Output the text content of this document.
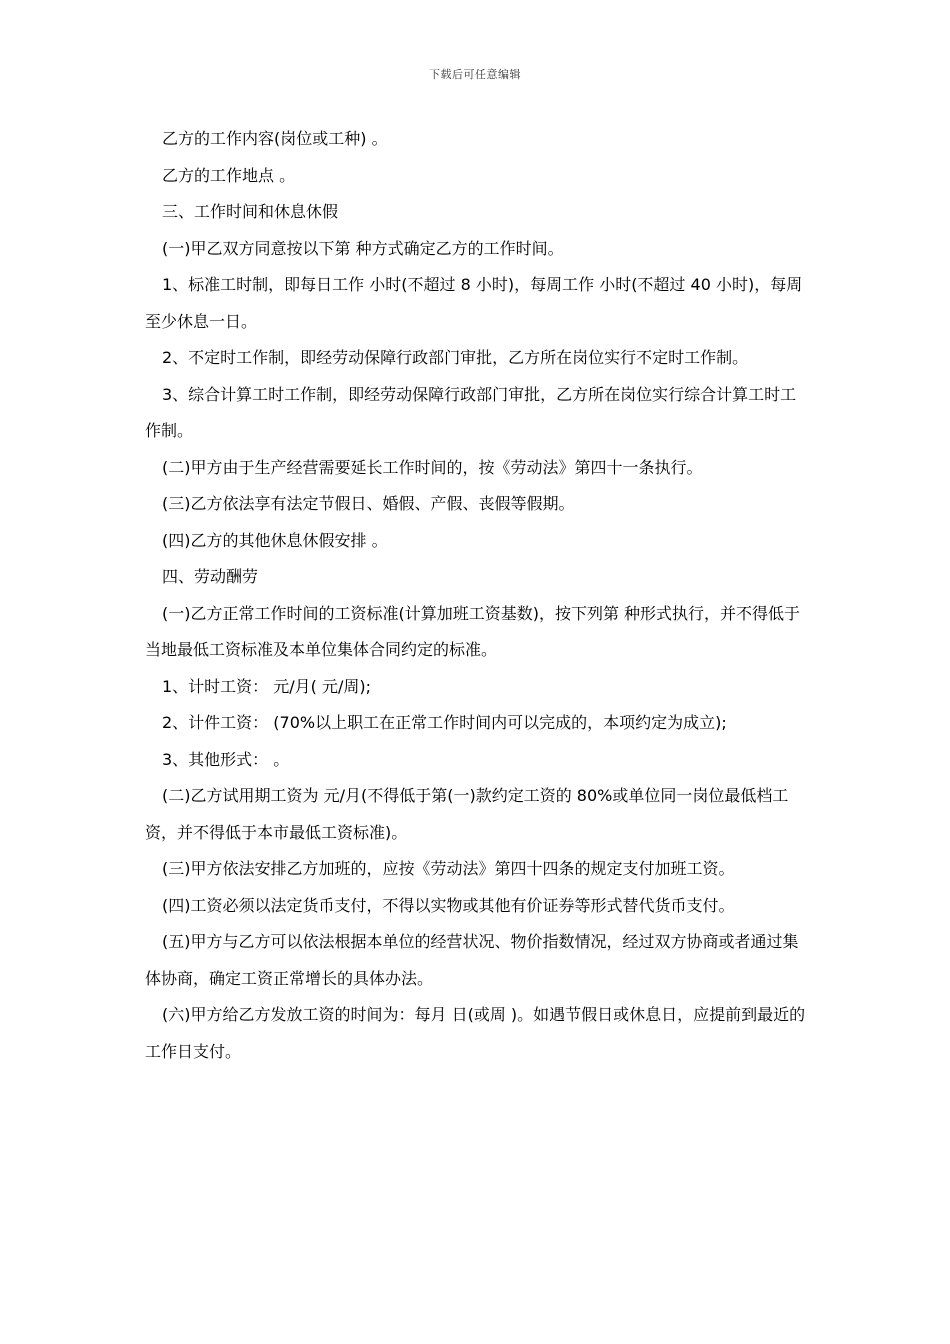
下载后可任意编辑

乙方的工作内容(岗位或工种) 。

乙方的工作地点 。

三、工作时间和休息休假

(一)甲乙双方同意按以下第 种方式确定乙方的工作时间。

1、标准工时制，即每日工作 小时(不超过 8 小时)，每周工作 小时(不超过 40 小时)，每周至少休息一日。

2、不定时工作制，即经劳动保障行政部门审批，乙方所在岗位实行不定时工作制。

3、综合计算工时工作制，即经劳动保障行政部门审批，乙方所在岗位实行综合计算工时工作制。

(二)甲方由于生产经营需要延长工作时间的，按《劳动法》第四十一条执行。

(三)乙方依法享有法定节假日、婚假、产假、丧假等假期。

(四)乙方的其他休息休假安排 。

四、劳动酬劳

(一)乙方正常工作时间的工资标准(计算加班工资基数)，按下列第 种形式执行，并不得低于当地最低工资标准及本单位集体合同约定的标准。

1、计时工资： 元/月( 元/周);

2、计件工资： (70%以上职工在正常工作时间内可以完成的，本项约定为成立);

3、其他形式： 。

(二)乙方试用期工资为 元/月(不得低于第(一)款约定工资的 80%或单位同一岗位最低档工资，并不得低于本市最低工资标准)。

(三)甲方依法安排乙方加班的，应按《劳动法》第四十四条的规定支付加班工资。

(四)工资必须以法定货币支付，不得以实物或其他有价证券等形式替代货币支付。

(五)甲方与乙方可以依法根据本单位的经营状况、物价指数情况，经过双方协商或者通过集体协商，确定工资正常增长的具体办法。

(六)甲方给乙方发放工资的时间为：每月 日(或周 )。如遇节假日或休息日，应提前到最近的工作日支付。
